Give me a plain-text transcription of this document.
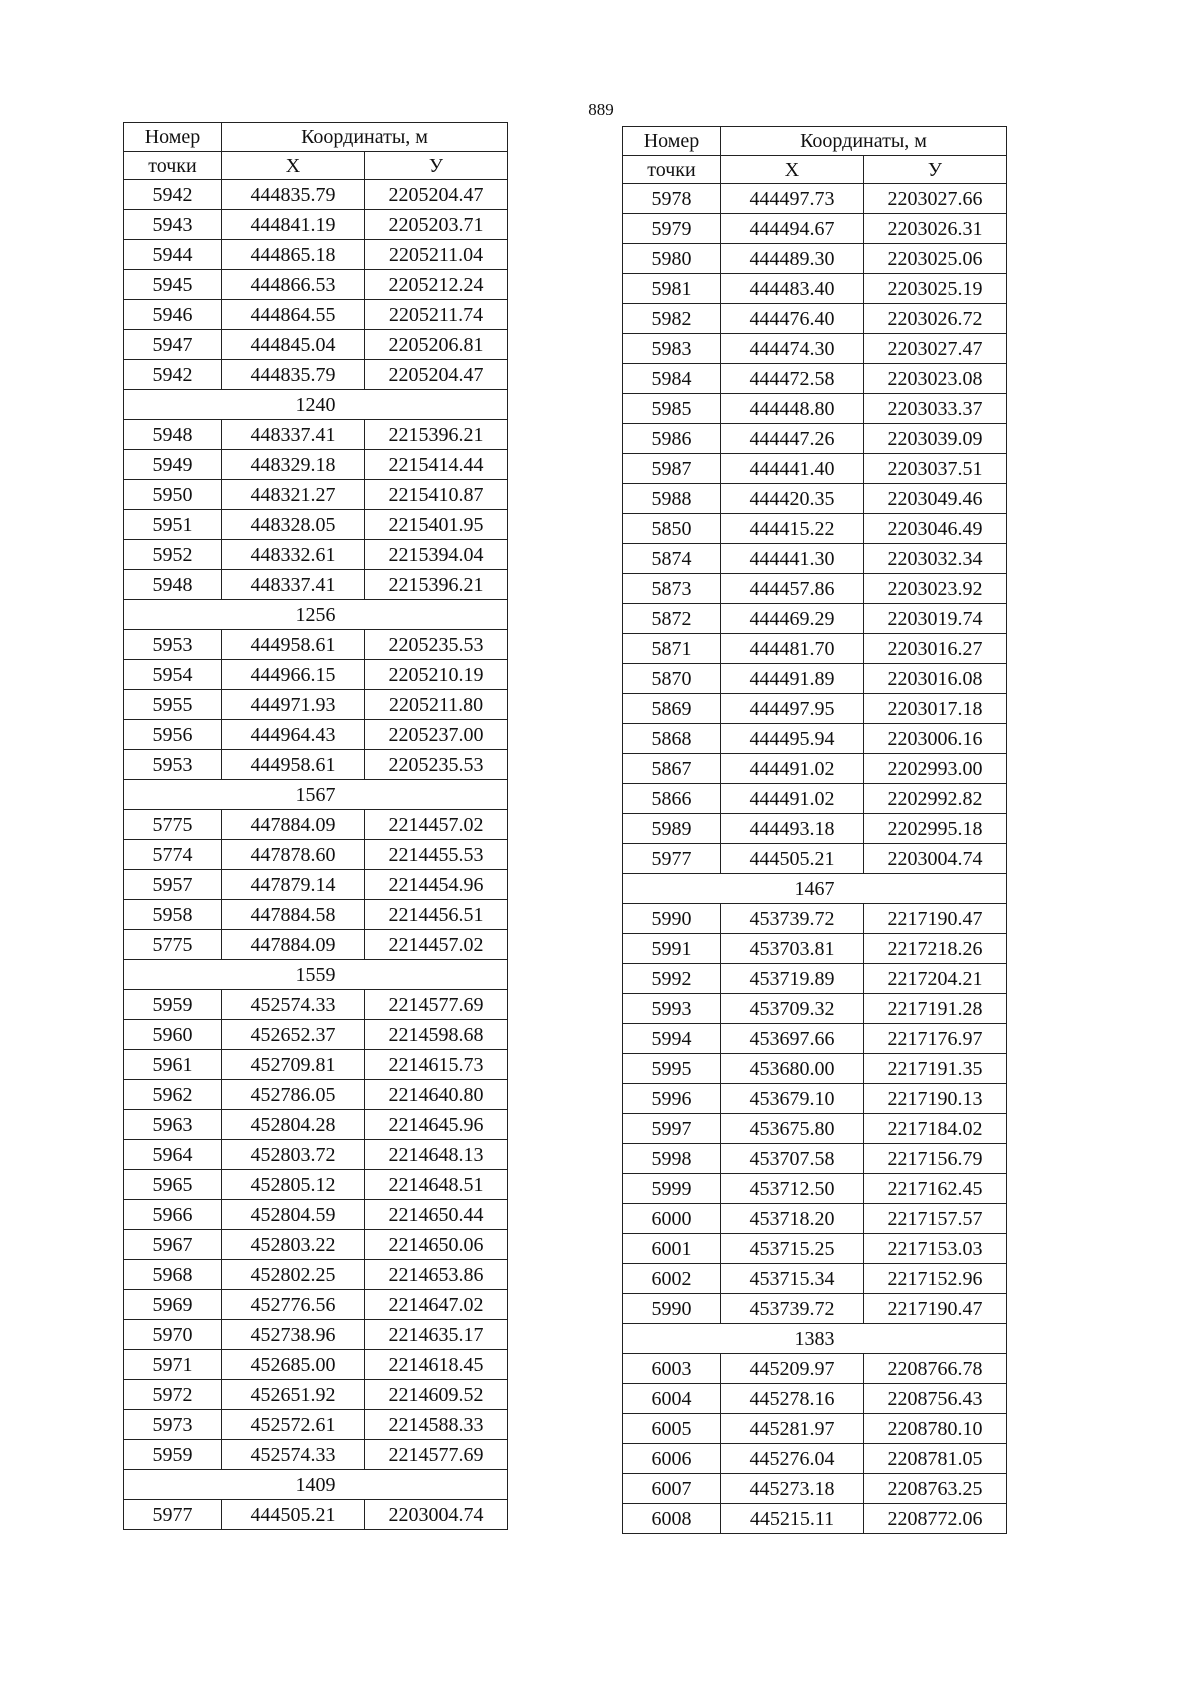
889
Номер	Координаты, м	
точки	X	У
5942	444835.79	2205204.47
5943	444841.19	2205203.71
5944	444865.18	2205211.04
5945	444866.53	2205212.24
5946	444864.55	2205211.74
5947	444845.04	2205206.81
5942	444835.79	2205204.47
1240		
5948	448337.41	2215396.21
5949	448329.18	2215414.44
5950	448321.27	2215410.87
5951	448328.05	2215401.95
5952	448332.61	2215394.04
5948	448337.41	2215396.21
1256		
5953	444958.61	2205235.53
5954	444966.15	2205210.19
5955	444971.93	2205211.80
5956	444964.43	2205237.00
5953	444958.61	2205235.53
1567		
5775	447884.09	2214457.02
5774	447878.60	2214455.53
5957	447879.14	2214454.96
5958	447884.58	2214456.51
5775	447884.09	2214457.02
1559		
5959	452574.33	2214577.69
5960	452652.37	2214598.68
5961	452709.81	2214615.73
5962	452786.05	2214640.80
5963	452804.28	2214645.96
5964	452803.72	2214648.13
5965	452805.12	2214648.51
5966	452804.59	2214650.44
5967	452803.22	2214650.06
5968	452802.25	2214653.86
5969	452776.56	2214647.02
5970	452738.96	2214635.17
5971	452685.00	2214618.45
5972	452651.92	2214609.52
5973	452572.61	2214588.33
5959	452574.33	2214577.69
1409		
5977	444505.21	2203004.74
Номер	Координаты, м	
точки	X	У
5978	444497.73	2203027.66
5979	444494.67	2203026.31
5980	444489.30	2203025.06
5981	444483.40	2203025.19
5982	444476.40	2203026.72
5983	444474.30	2203027.47
5984	444472.58	2203023.08
5985	444448.80	2203033.37
5986	444447.26	2203039.09
5987	444441.40	2203037.51
5988	444420.35	2203049.46
5850	444415.22	2203046.49
5874	444441.30	2203032.34
5873	444457.86	2203023.92
5872	444469.29	2203019.74
5871	444481.70	2203016.27
5870	444491.89	2203016.08
5869	444497.95	2203017.18
5868	444495.94	2203006.16
5867	444491.02	2202993.00
5866	444491.02	2202992.82
5989	444493.18	2202995.18
5977	444505.21	2203004.74
1467		
5990	453739.72	2217190.47
5991	453703.81	2217218.26
5992	453719.89	2217204.21
5993	453709.32	2217191.28
5994	453697.66	2217176.97
5995	453680.00	2217191.35
5996	453679.10	2217190.13
5997	453675.80	2217184.02
5998	453707.58	2217156.79
5999	453712.50	2217162.45
6000	453718.20	2217157.57
6001	453715.25	2217153.03
6002	453715.34	2217152.96
5990	453739.72	2217190.47
1383		
6003	445209.97	2208766.78
6004	445278.16	2208756.43
6005	445281.97	2208780.10
6006	445276.04	2208781.05
6007	445273.18	2208763.25
6008	445215.11	2208772.06
